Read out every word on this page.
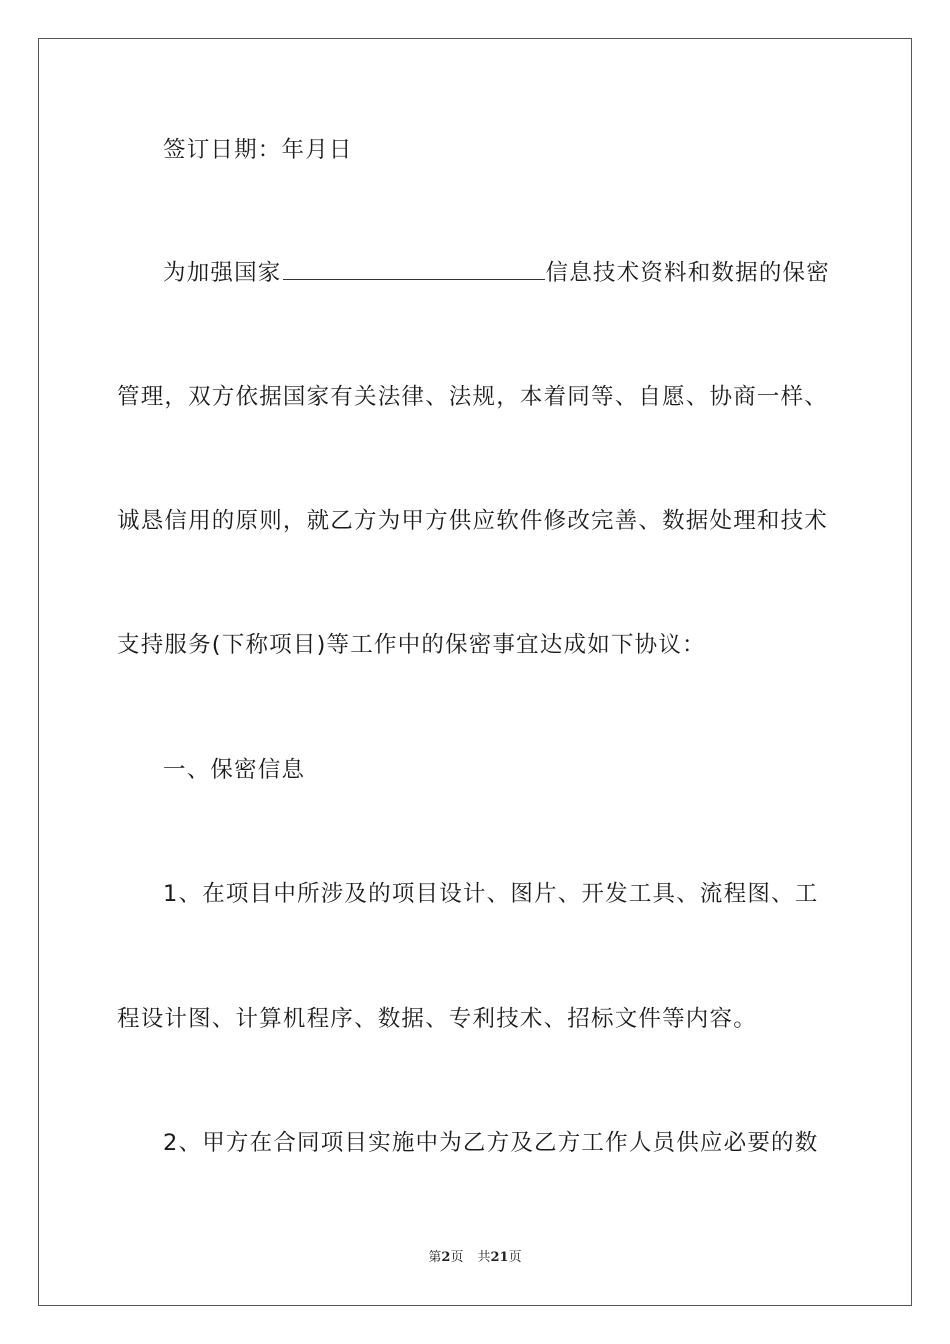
签订日期：年月日
为加强国家	信息技术资料和数据的保密
管理，双方依据国家有关法律、法规，本着同等、自愿、协商一样、
诚恳信用的原则，就乙方为甲方供应软件修改完善、数据处理和技术
支持服务(下称项目)等工作中的保密事宜达成如下协议：
一、保密信息
1、在项目中所涉及的项目设计、图片、开发工具、流程图、工
程设计图、计算机程序、数据、专利技术、招标文件等内容。
2、甲方在合同项目实施中为乙方及乙方工作人员供应必要的数
第2页 共21页
